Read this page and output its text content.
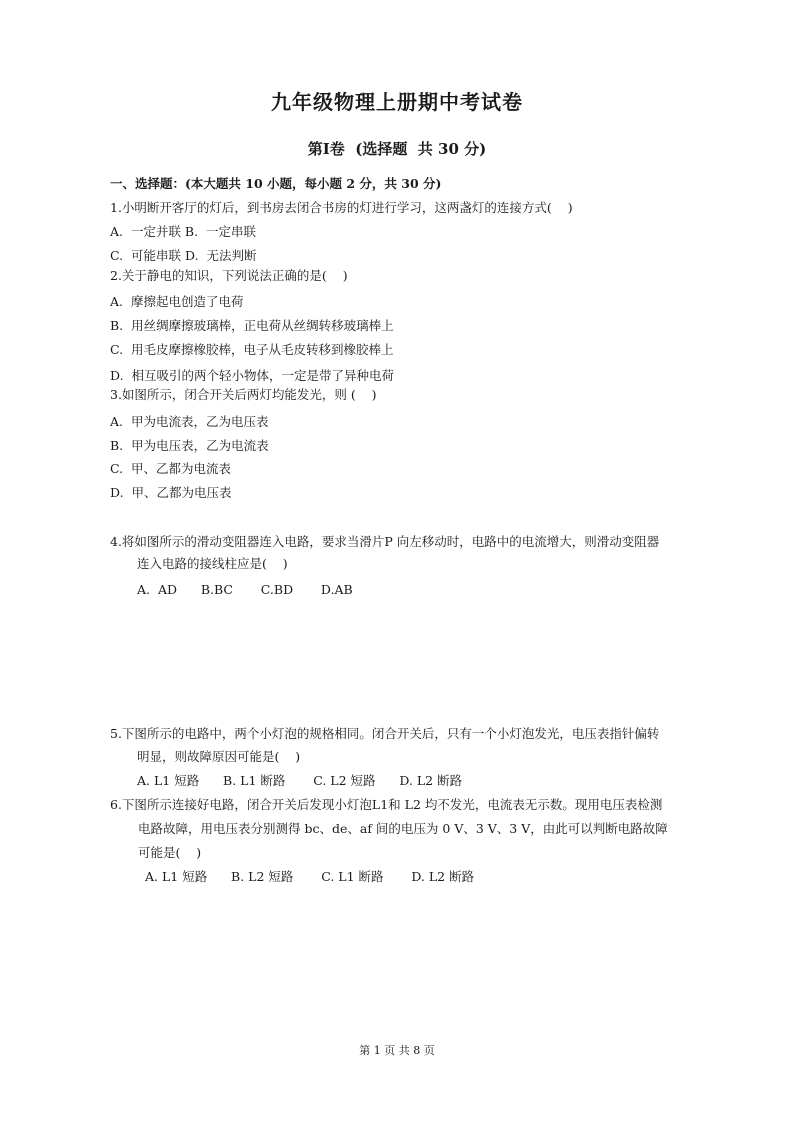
九年级物理上册期中考试卷
第Ⅰ卷  (选择题  共 30 分)
一、选择题：(本大题共 10 小题，每小题 2 分，共 30 分)
1.小明断开客厅的灯后，到书房去闭合书房的灯进行学习，这两盏灯的连接方式(    )
A.  一定并联 B.  一定串联
C.  可能串联 D.  无法判断
2.关于静电的知识，下列说法正确的是(    )
A.  摩擦起电创造了电荷
B.  用丝绸摩擦玻璃棒，正电荷从丝绸转移玻璃棒上
C.  用毛皮摩擦橡胶棒，电子从毛皮转移到橡胶棒上
D.  相互吸引的两个轻小物体，一定是带了异种电荷
3.如图所示，闭合开关后两灯均能发光，则 (    )
A.  甲为电流表，乙为电压表
B.  甲为电压表，乙为电流表
C.  甲、乙都为电流表
D.  甲、乙都为电压表
4.将如图所示的滑动变阻器连入电路，要求当滑片P 向左移动时，电路中的电流增大，则滑动变阻器
连入电路的接线柱应是(    )
A.  AD      B.BC       C.BD       D.AB
5.下图所示的电路中，两个小灯泡的规格相同。闭合开关后，只有一个小灯泡发光，电压表指针偏转
明显，则故障原因可能是(    )
A. L1 短路      B. L1 断路       C. L2 短路      D. L2 断路
6.下图所示连接好电路，闭合开关后发现小灯泡L1和 L2 均不发光，电流表无示数。现用电压表检测
电路故障，用电压表分别测得 bc、de、af 间的电压为 0 V、3 V、3 V，由此可以判断电路故障
可能是(    )
A. L1 短路      B. L2 短路       C. L1 断路       D. L2 断路
第 1 页 共 8 页
